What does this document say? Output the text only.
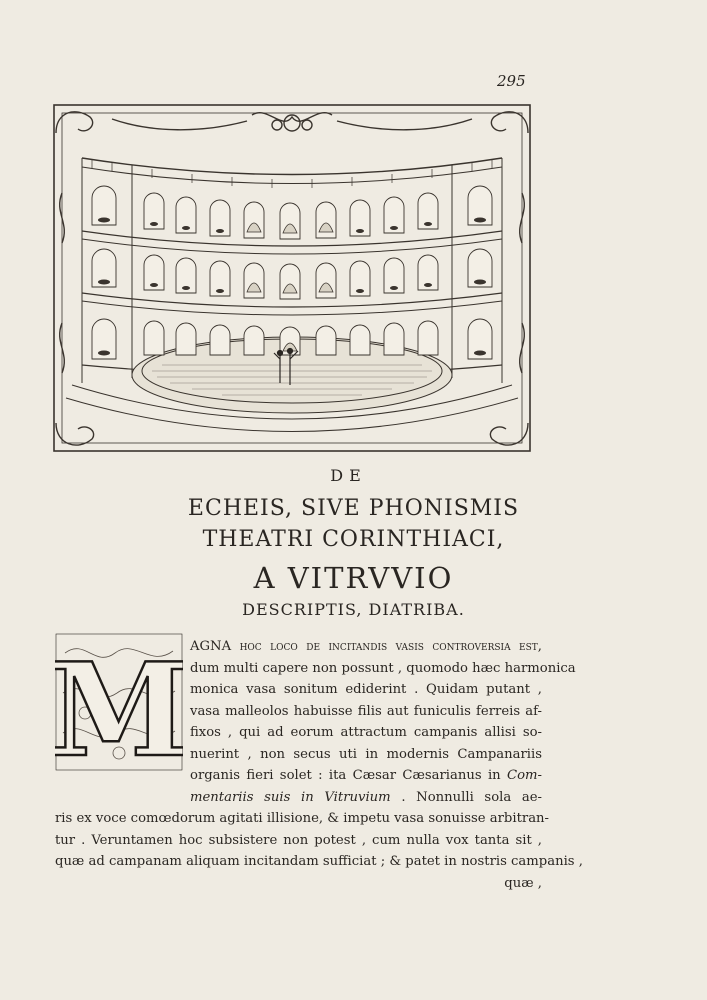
295
DE
ECHEIS, SIVE PHONISMIS
THEATRI CORINTHIACI,
A VITRVVIO
DESCRIPTIS, DIATRIBA.
M AGNA hoc loco de incitandis vasis controversia est,
dum multi capere non possunt , quomodo hæc harmonica
monica vasa sonitum ediderint . Quidam putant ,
vasa malleolos habuisse filis aut funiculis ferreis af-
fixos , qui ad eorum attractum campanis allisi so-
nuerint , non secus uti in modernis Campanariis
organis fieri solet : ita Cæsar Cæsarianus in Com-
mentariis suis in Vitruvium . Nonnulli sola ae-
ris ex voce comœdorum agitati illisione, & impetu vasa sonuisse arbitran-
tur . Veruntamen hoc subsistere non potest , cum nulla vox tanta sit ,
quæ ad campanam aliquam incitandam sufficiat ; & patet in nostris campanis ,
quæ ,
